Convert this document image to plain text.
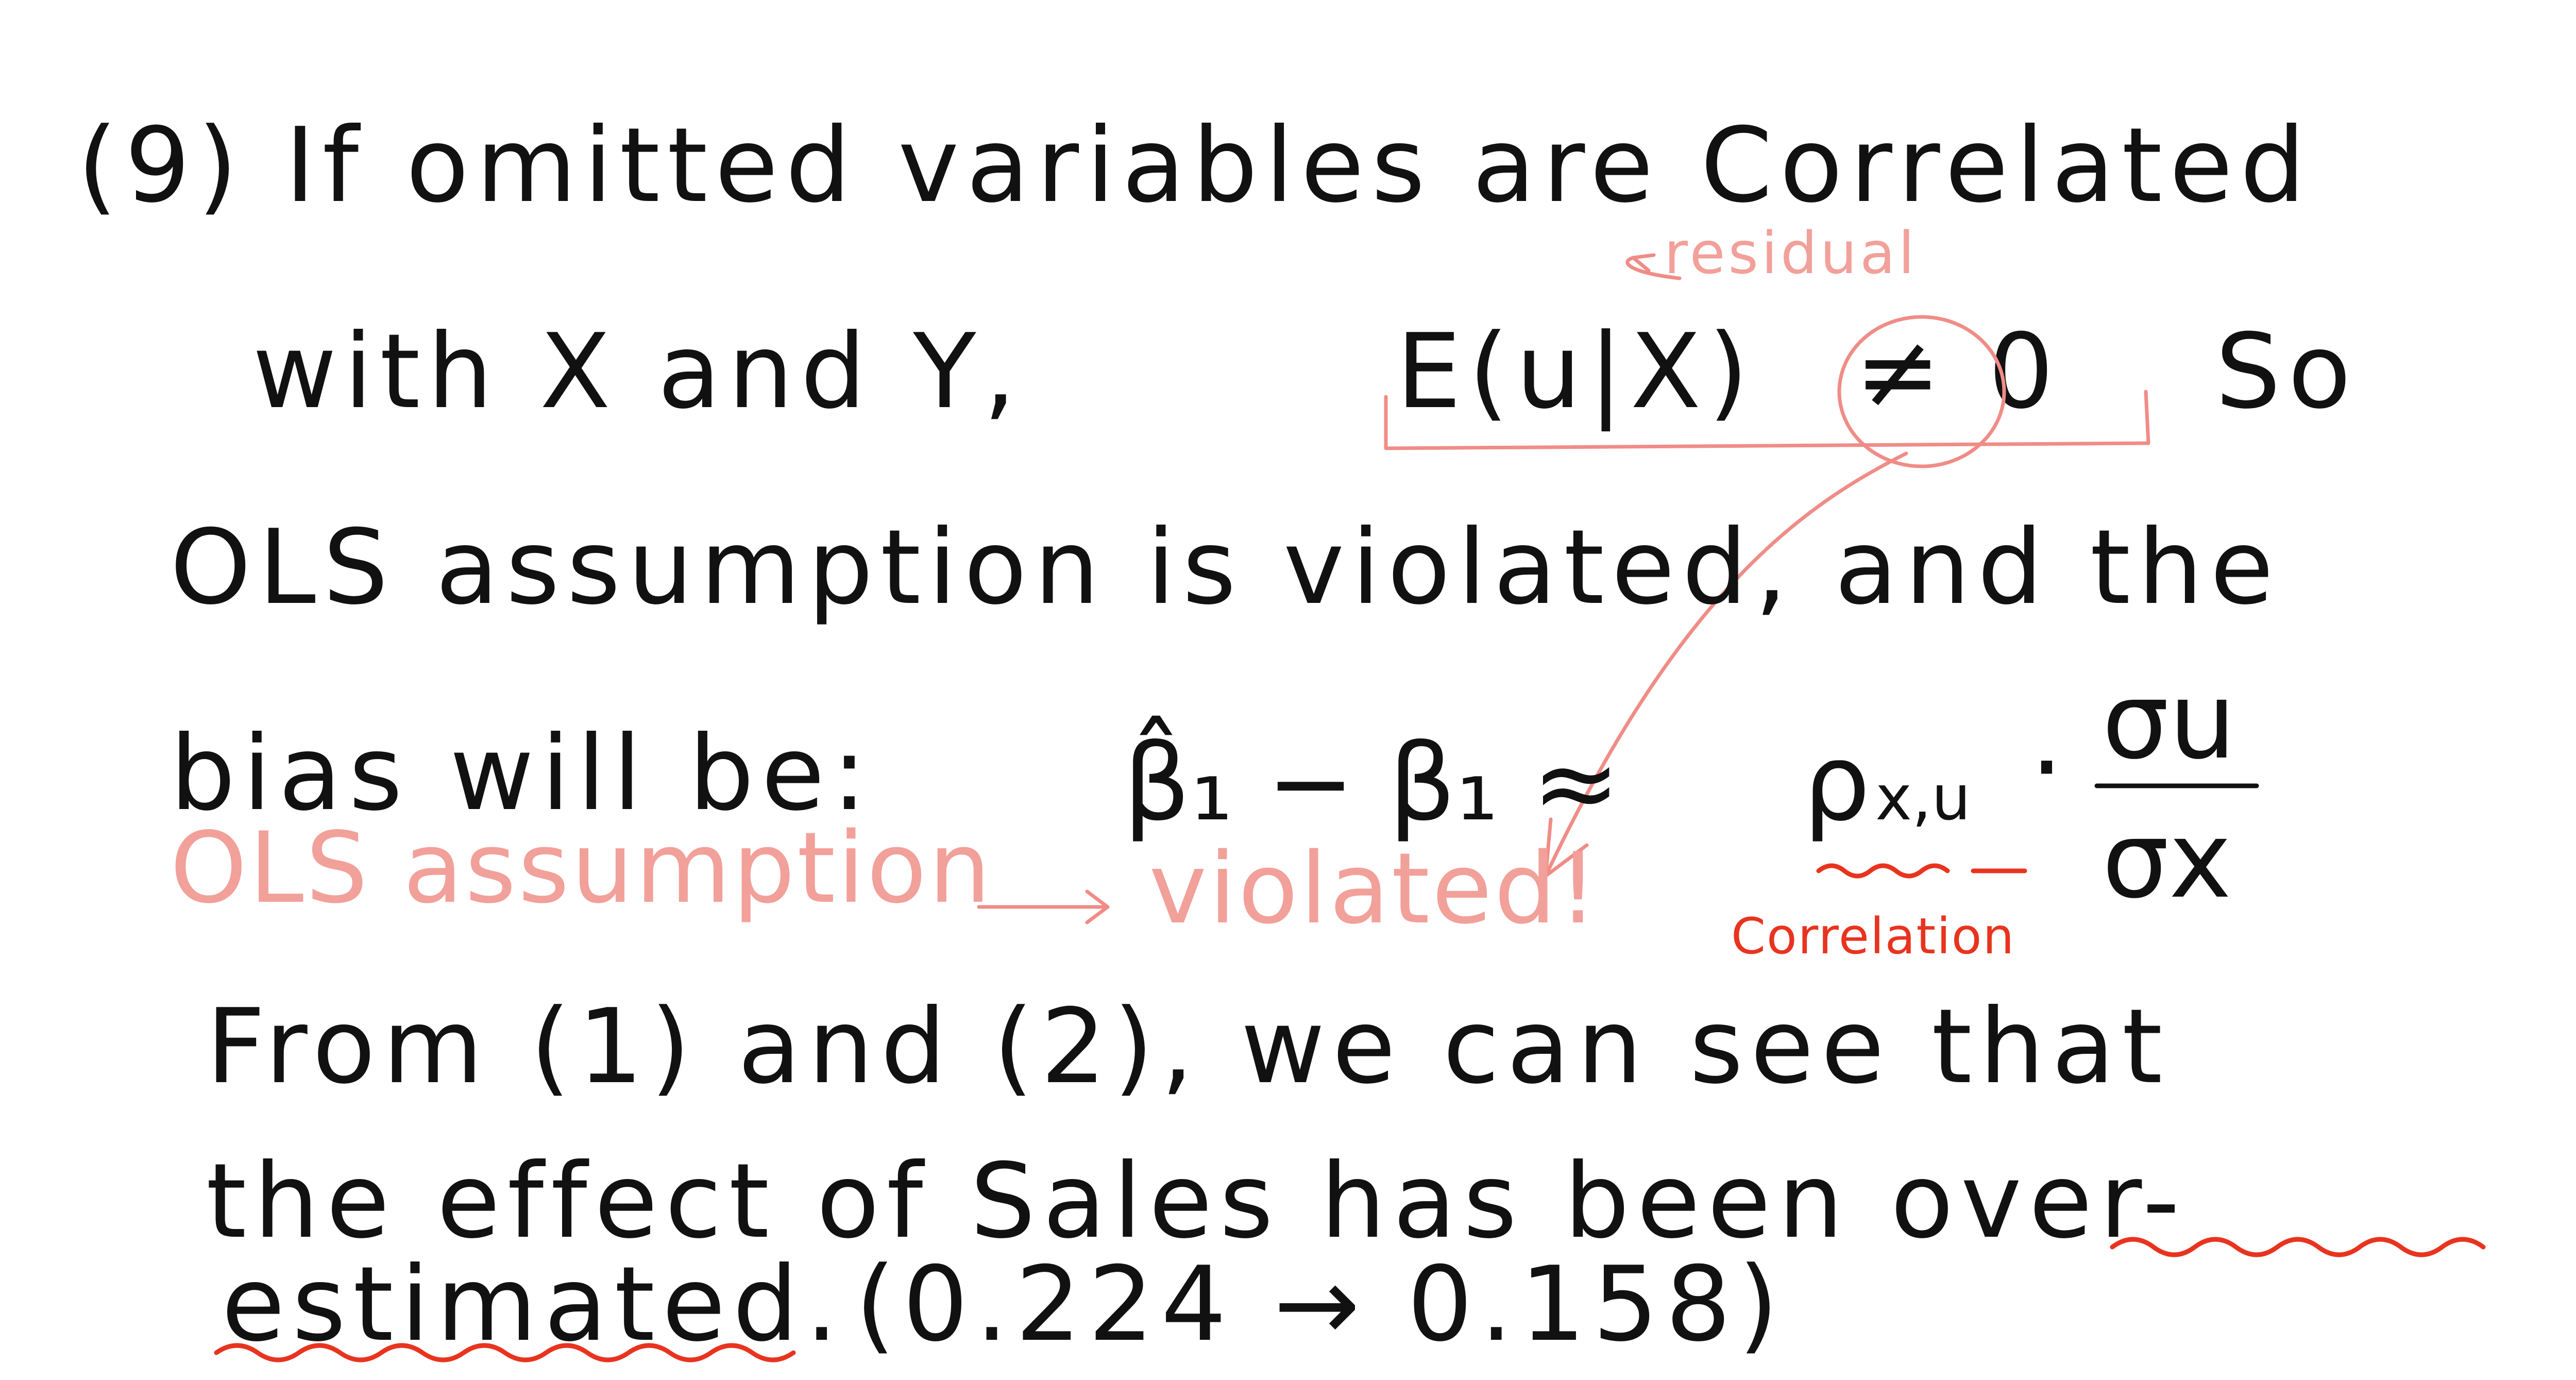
(9) If omitted variables are Correlated
residual
with X and Y,	E(u|X) ≠ 0 So
OLS assumption is violated, and the
bias will be: β̂₁ − β₁ ≈ ρ x,u · σu
σx
Correlation
OLS assumption violated!
From (1) and (2), we can see that
the effect of Sales has been over-
estimated. (0.224 → 0.158)
